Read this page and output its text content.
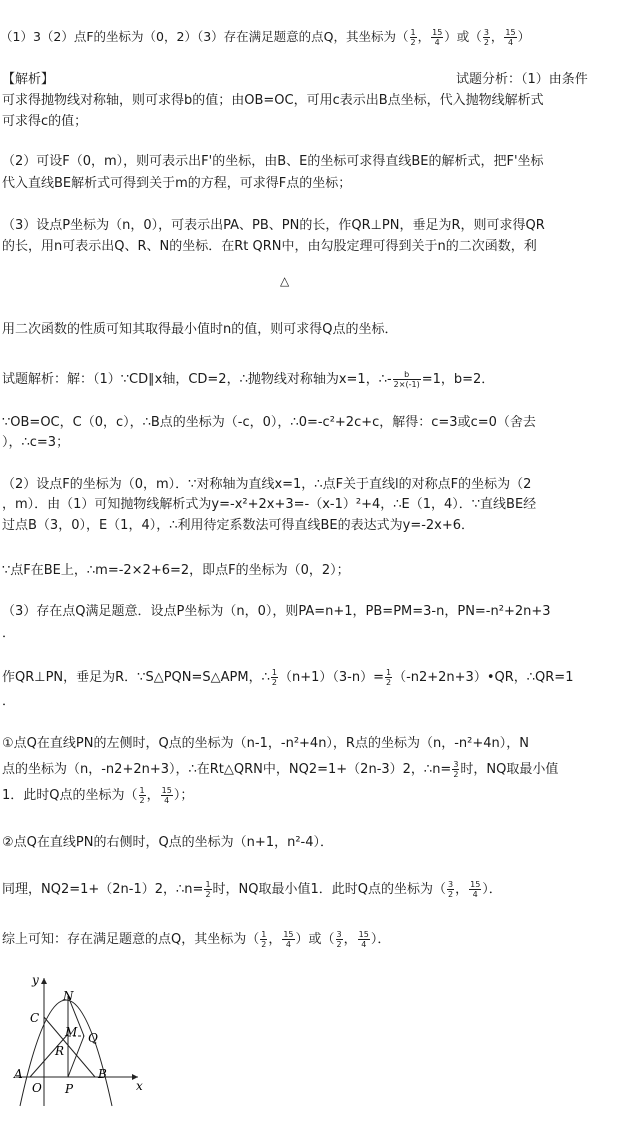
（1）3（2）点F的坐标为（0，2）（3）存在满足题意的点Q，其坐标为（ $\frac{1}{2}$ ， $\frac{15}{4}$ ）或（ $\frac{3}{2}$ ， $\frac{15}{4}$ ）
【解析】	试题分析：（1）由条件
可求得抛物线对称轴，则可求得b的值；由OB=OC，可用c表示出B点坐标，代入抛物线解析式
可求得c的值；
（2）可设F（0，m），则可表示出F'的坐标，由B、E的坐标可求得直线BE的解析式，把F'坐标
代入直线BE解析式可得到关于m的方程，可求得F点的坐标；
（3）设点P坐标为（n，0），可表示出PA、PB、PN的长，作QR⊥PN，垂足为R，则可求得QR
的长，用n可表示出Q、R、N的坐标．在Rt QRN中，由勾股定理可得到关于n的二次函数，利
△
用二次函数的性质可知其取得最小值时n的值，则可求得Q点的坐标．
试题解析：解：（1）∵CD∥x轴，CD=2，∴抛物线对称轴为x=1，∴- $\frac{b}{2\times(-1)} =1$，b=2．
∵OB=OC，C（0，c），∴B点的坐标为（-c，0），∴0=-c²+2c+c，解得：c=3或c=0（舍去
），∴c=3；
（2）设点F的坐标为（0，m）．∵对称轴为直线x=1，∴点F关于直线l的对称点F的坐标为（2
，m）．由（1）可知抛物线解析式为y=-x²+2x+3=-（x-1）²+4，∴E（1，4）．∵直线BE经
过点B（3，0），E（1，4），∴利用待定系数法可得直线BE的表达式为y=-2x+6．
∵点F在BE上，∴m=-2×2+6=2，即点F的坐标为（0，2）；
（3）存在点Q满足题意．设点P坐标为（n，0），则PA=n+1，PB=PM=3-n，PN=-n²+2n+3
．
作QR⊥PN，垂足为R．∵S△PQN=S△APM，∴ $\frac{1}{2} (n+1)(3-n)= \frac{1}{2}$ （-n2+2n+3）•QR，∴QR=1
．
①点Q在直线PN的左侧时，Q点的坐标为（n-1，-n²+4n），R点的坐标为（n，-n²+4n），N
点的坐标为（n，-n2+2n+3），∴在Rt△QRN中，NQ2=1+（2n-3）2，∴n= $\frac{3}{2}$ 时，NQ取最小值
1．此时Q点的坐标为（ $\frac{1}{2}$ ， $\frac{15}{4}$ ）；
②点Q在直线PN的右侧时，Q点的坐标为（n+1，n²-4）．
同理，NQ2=1+（2n-1）2，∴n= $\frac{1}{2}$ 时，NQ取最小值1．此时Q点的坐标为（ $\frac{3}{2}$ ， $\frac{15}{4}$ ）．
综上可知：存在满足题意的点Q，其坐标为（ $\frac{1}{2}$ ， $\frac{15}{4}$ ）或（ $\frac{3}{2}$ ， $\frac{15}{4}$ ）．
y
x
N
C
M Q
R
A
O P
B
